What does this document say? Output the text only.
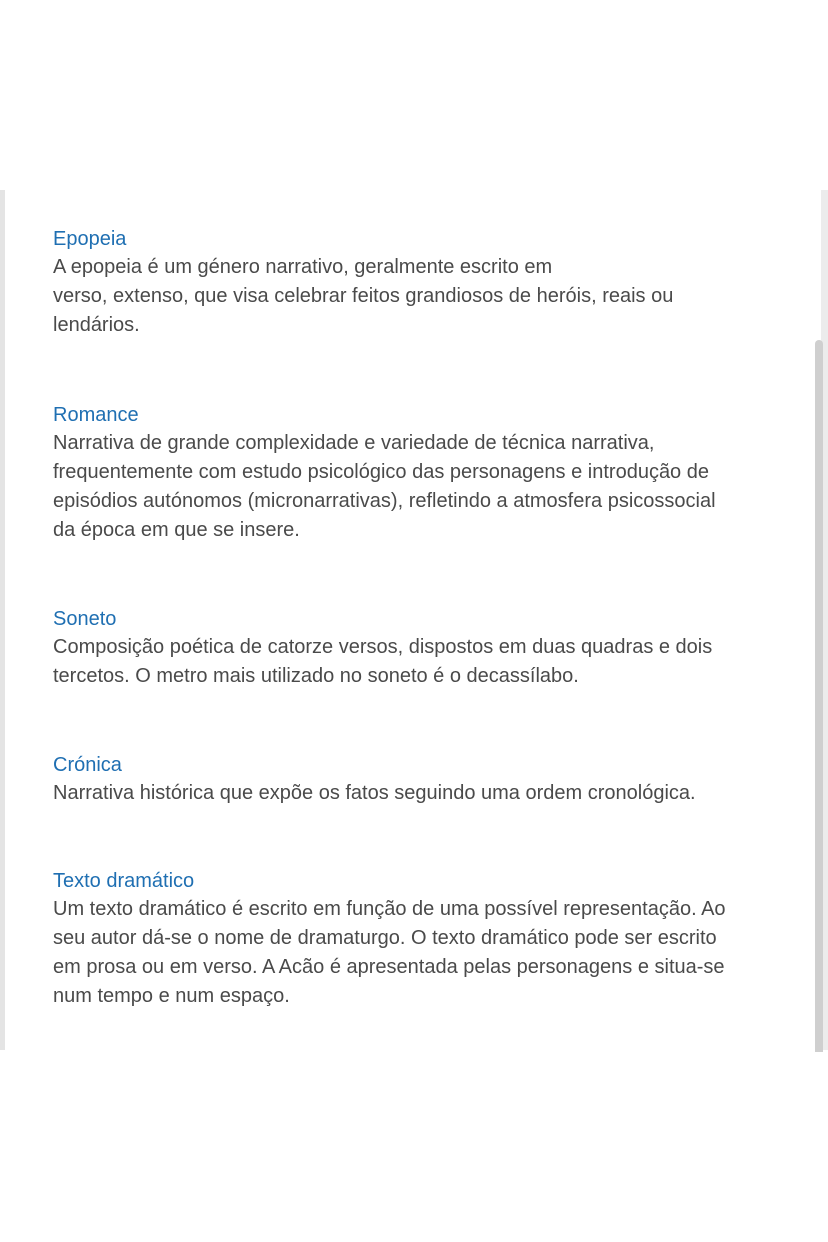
Epopeia
A epopeia é um género narrativo, geralmente escrito em
verso, extenso, que visa celebrar feitos grandiosos de heróis, reais ou
lendários.
Romance
Narrativa de grande complexidade e variedade de técnica narrativa,
frequentemente com estudo psicológico das personagens e introdução de
episódios autónomos (micronarrativas), refletindo a atmosfera psicossocial
da época em que se insere.
Soneto
Composição poética de catorze versos, dispostos em duas quadras e dois
tercetos. O metro mais utilizado no soneto é o decassílabo.
Crónica
Narrativa histórica que expõe os fatos seguindo uma ordem cronológica.
Texto dramático
Um texto dramático é escrito em função de uma possível representação. Ao
seu autor dá-se o nome de dramaturgo. O texto dramático pode ser escrito
em prosa ou em verso. A Acão é apresentada pelas personagens e situa-se
num tempo e num espaço.
